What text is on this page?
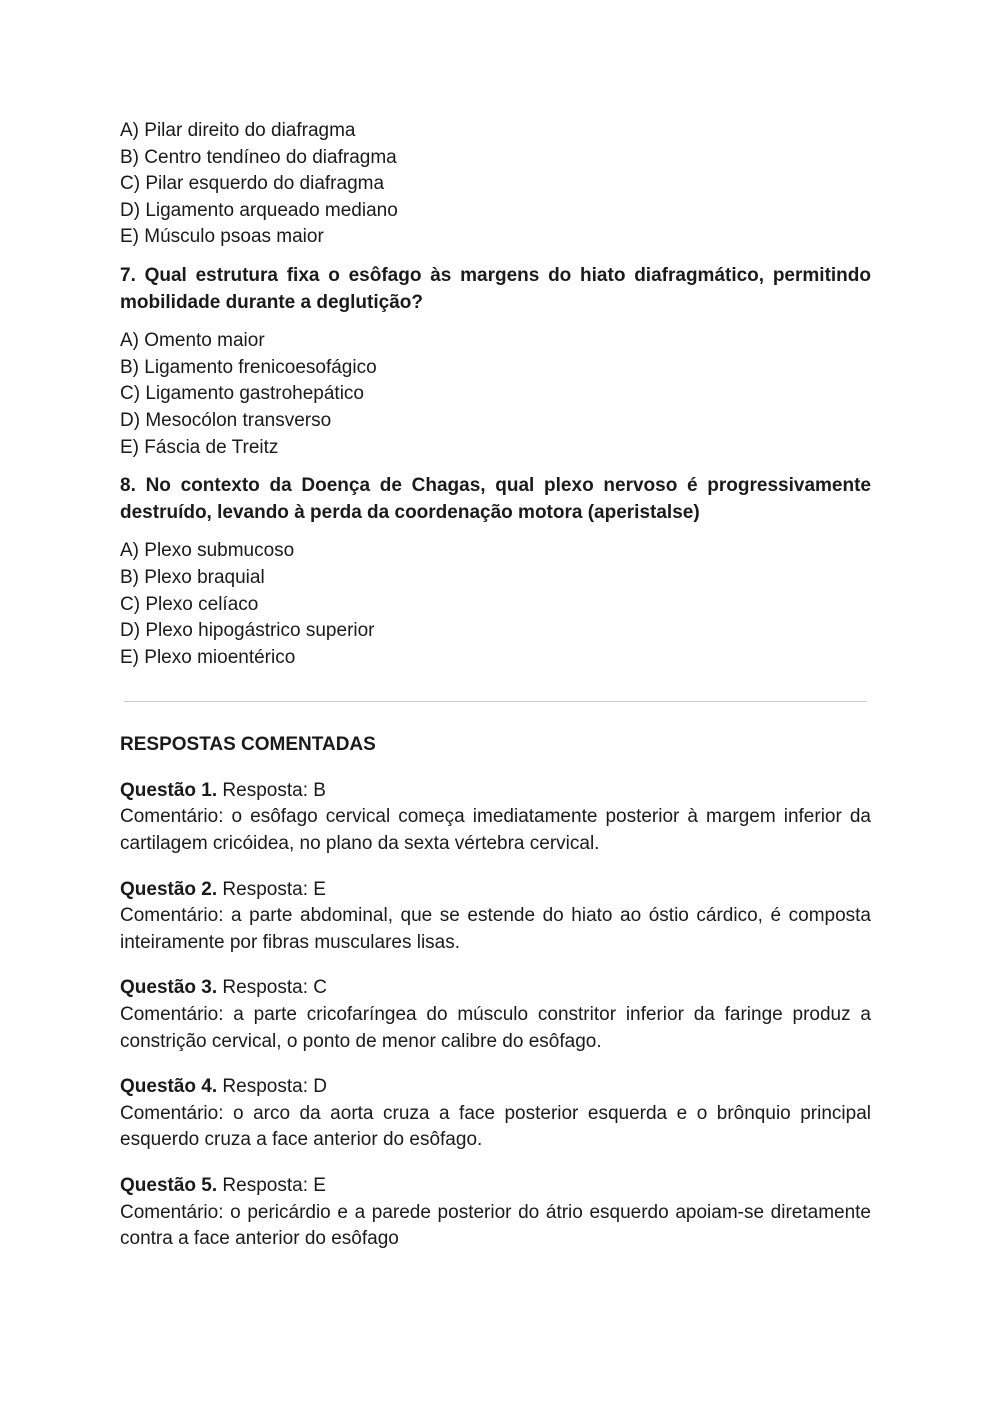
A) Pilar direito do diafragma
B) Centro tendíneo do diafragma
C) Pilar esquerdo do diafragma
D) Ligamento arqueado mediano
E) Músculo psoas maior

7. Qual estrutura fixa o esôfago às margens do hiato diafragmático, permitindo mobilidade durante a deglutição?

A) Omento maior
B) Ligamento frenicoesofágico
C) Ligamento gastrohepático
D) Mesocólon transverso
E) Fáscia de Treitz

8. No contexto da Doença de Chagas, qual plexo nervoso é progressivamente destruído, levando à perda da coordenação motora (aperistalse)

A) Plexo submucoso
B) Plexo braquial
C) Plexo celíaco
D) Plexo hipogástrico superior
E) Plexo mioentérico
RESPOSTAS COMENTADAS
Questão 1. Resposta: B

Comentário: o esôfago cervical começa imediatamente posterior à margem inferior da cartilagem cricóidea, no plano da sexta vértebra cervical.

Questão 2. Resposta: E

Comentário: a parte abdominal, que se estende do hiato ao óstio cárdico, é composta inteiramente por fibras musculares lisas.

Questão 3. Resposta: C

Comentário: a parte cricofaríngea do músculo constritor inferior da faringe produz a constrição cervical, o ponto de menor calibre do esôfago.

Questão 4. Resposta: D

Comentário: o arco da aorta cruza a face posterior esquerda e o brônquio principal esquerdo cruza a face anterior do esôfago.

Questão 5. Resposta: E

Comentário: o pericárdio e a parede posterior do átrio esquerdo apoiam-se diretamente contra a face anterior do esôfago
